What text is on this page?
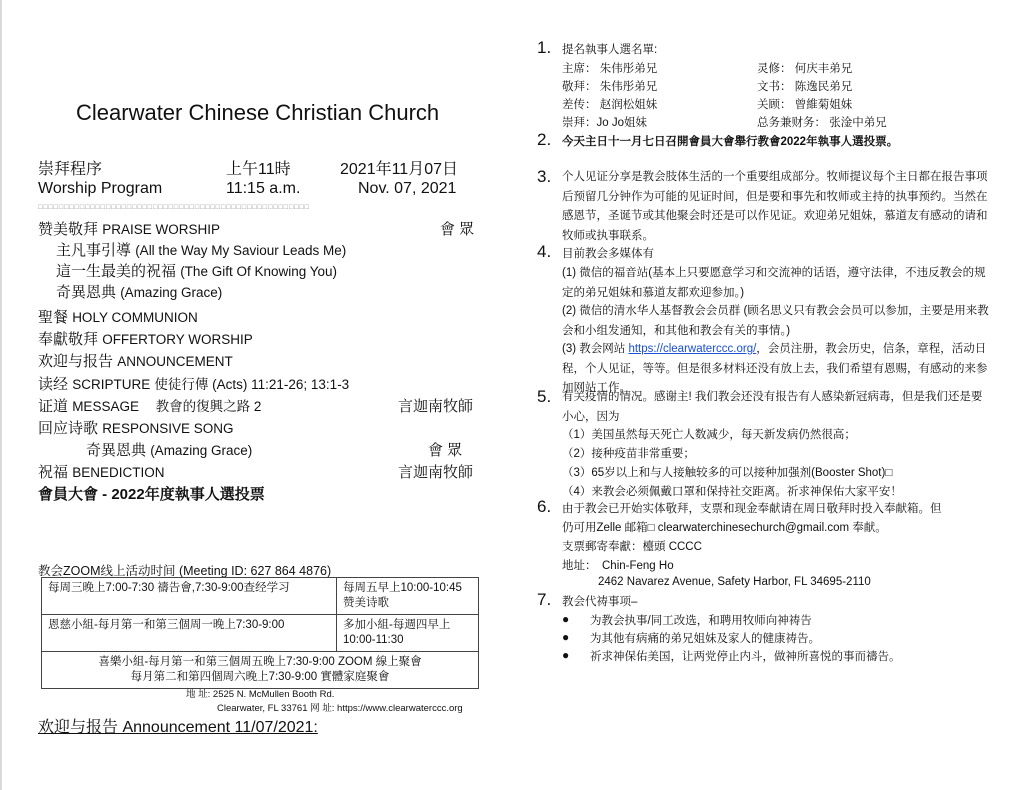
Clearwater Chinese Christian Church
崇拜程序	上午11時	2021年11月07日
Worship Program	11:15 a.m.	Nov. 07, 2021
□□□□□□□□□□□□□□□□□□□□□□□□□□□□□□□□□□□□□□□□□□□□□□□□□□□□
赞美敬拜 PRAISE WORSHIP	會 眾
主凡事引導 (All the Way My Saviour Leads Me)
這一生最美的祝福 (The Gift Of Knowing You)
奇異恩典 (Amazing Grace)
聖餐 HOLY COMMUNION
奉獻敬拜 OFFERTORY WORSHIP
欢迎与报告 ANNOUNCEMENT
读经 SCRIPTURE 使徒行傳 (Acts) 11:21-26; 13:1-3
证道 MESSAGE 教會的復興之路 2	言迦南牧師
回应诗歌 RESPONSIVE SONG
奇異恩典 (Amazing Grace)	會 眾
祝福 BENEDICTION	言迦南牧師
會員大會 - 2022年度執事人選投票
教会ZOOM线上活动时间 (Meeting ID: 627 864 4876)
每周三晚上7:00-7:30 禱告會,7:30-9:00查经学习	每周五早上10:00-10:45
赞美诗歌
恩慈小組-每月第一和第三個周一晚上7:30-9:00	多加小組-每週四早上
10:00-11:30
喜樂小組-每月第一和第三個周五晚上7:30-9:00 ZOOM 線上聚會
每月第二和第四個周六晚上7:30-9:00 實體家庭聚會	
地 址: 2525 N. McMullen Booth Rd.
Clearwater, FL 33761 网 址: https://www.clearwaterccc.org
欢迎与报告 Announcement 11/07/2021:
1. 提名執事人選名單:
主席： 朱伟彤弟兄	灵修： 何庆丰弟兄
敬拜： 朱伟彤弟兄	文书： 陈逸民弟兄
差传： 赵润松姐妹	关顾： 曾維菊姐妹
崇拜：Jo Jo姐妹	总务兼财务： 张淦中弟兄
2. 今天主日十一月七日召開會員大會舉行教會2022年執事人選投票。
3. 个人见证分享是教会肢体生活的一个重要组成部分。牧师提议每个主日都在报告事项后预留几分钟作为可能的见证时间，但是要和事先和牧师或主持的执事预约。当然在感恩节，圣诞节或其他聚会时还是可以作见证。欢迎弟兄姐妹，慕道友有感动的请和牧师或执事联系。
4. 目前教会多媒体有
(1) 微信的福音站(基本上只要愿意学习和交流神的话语，遵守法律，不违反教会的规定的弟兄姐妹和慕道友都欢迎参加。)
(2) 微信的清水华人基督教会会员群 (顾名思义只有教会会员可以参加，主要是用来教会和小组发通知，和其他和教会有关的事情。)
(3) 教会网站 https://clearwaterccc.org/，会员注册，教会历史，信条，章程，活动日程，个人见证，等等。但是很多材料还没有放上去，我们希望有恩赐，有感动的来参加网站工作。
5. 有关疫情的情况。感谢主! 我们教会还没有报告有人感染新冠病毒，但是我们还是要小心，因为
（1）美国虽然每天死亡人数减少，每天新发病仍然很高；
（2）接种疫苗非常重要；
（3）65岁以上和与人接触较多的可以接种加强剂(Booster Shot)□
（4）来教会必须佩戴口罩和保持社交距离。祈求神保佑大家平安！
6. 由于教会已开始实体敬拜，支票和现金奉献请在周日敬拜时投入奉献箱。但
仍可用Zelle 邮箱□ clearwaterchinesechurch@gmail.com 奉献。
支票郵寄奉獻：檯頭 CCCC
地址： Chin-Feng Ho
2462 Navarez Avenue, Safety Harbor, FL 34695-2110
7. 教会代祷事项–
● 为教会执事/同工改选，和聘用牧师向神祷告
● 为其他有病痛的弟兄姐妹及家人的健康祷告。
● 祈求神保佑美国，让两党停止内斗，做神所喜悦的事而禱告。
